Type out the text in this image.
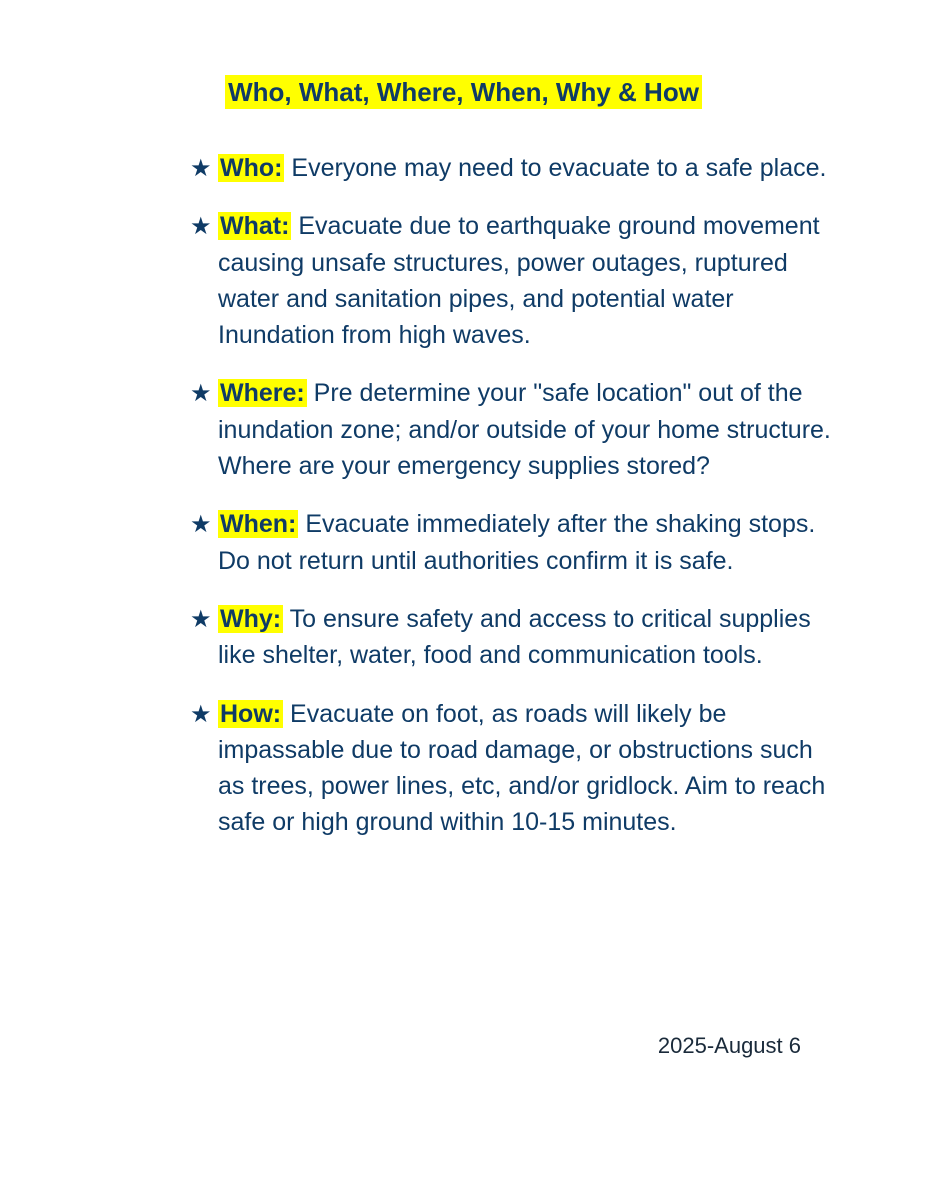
Who, What, Where, When, Why & How
★ Who: Everyone may need to evacuate to a safe place.
★ What: Evacuate due to earthquake ground movement causing unsafe structures, power outages, ruptured water and sanitation pipes, and potential water Inundation from high waves.
★ Where: Pre determine your "safe location" out of the inundation zone; and/or outside of your home structure. Where are your emergency supplies stored?
★ When: Evacuate immediately after the shaking stops. Do not return until authorities confirm it is safe.
★ Why: To ensure safety and access to critical supplies like shelter, water, food and communication tools.
★ How: Evacuate on foot, as roads will likely be impassable due to road damage, or obstructions such as trees, power lines, etc, and/or gridlock. Aim to reach safe or high ground within 10-15 minutes.
2025-August 6
